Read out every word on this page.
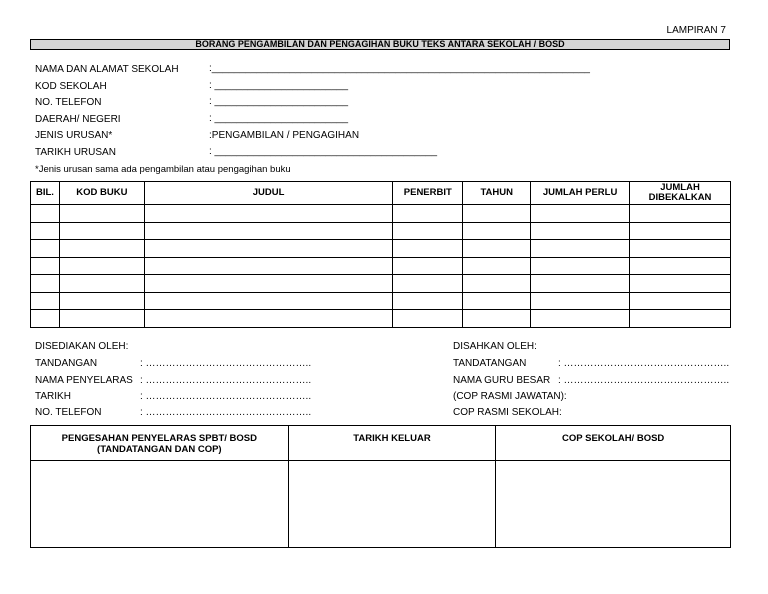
LAMPIRAN 7
BORANG PENGAMBILAN DAN PENGAGIHAN BUKU TEKS ANTARA SEKOLAH / BOSD
NAMA DAN ALAMAT SEKOLAH	:____________________________________________________________________
KOD SEKOLAH	: ________________________
NO. TELEFON	: ________________________
DAERAH/ NEGERI	: ________________________
JENIS URUSAN*	:PENGAMBILAN / PENGAGIHAN
TARIKH URUSAN	: ________________________________________
*Jenis urusan sama ada pengambilan atau pengagihan buku
BIL.	KOD BUKU	JUDUL	PENERBIT	TAHUN	JUMLAH PERLU	JUMLAH DIBEKALKAN

DISEDIAKAN OLEH:
TANDANGAN	: …………………………………………..
NAMA PENYELARAS : …………………………………………..
TARIKH	: …………………………………………..
NO. TELEFON	: …………………………………………..
DISAHKAN OLEH:
TANDATANGAN	: …………………………………………..
NAMA GURU BESAR : …………………………………………..
(COP RASMI JAWATAN):
COP RASMI SEKOLAH:
PENGESAHAN PENYELARAS SPBT/ BOSD
(TANDATANGAN DAN COP)	TARIKH KELUAR	COP SEKOLAH/ BOSD
